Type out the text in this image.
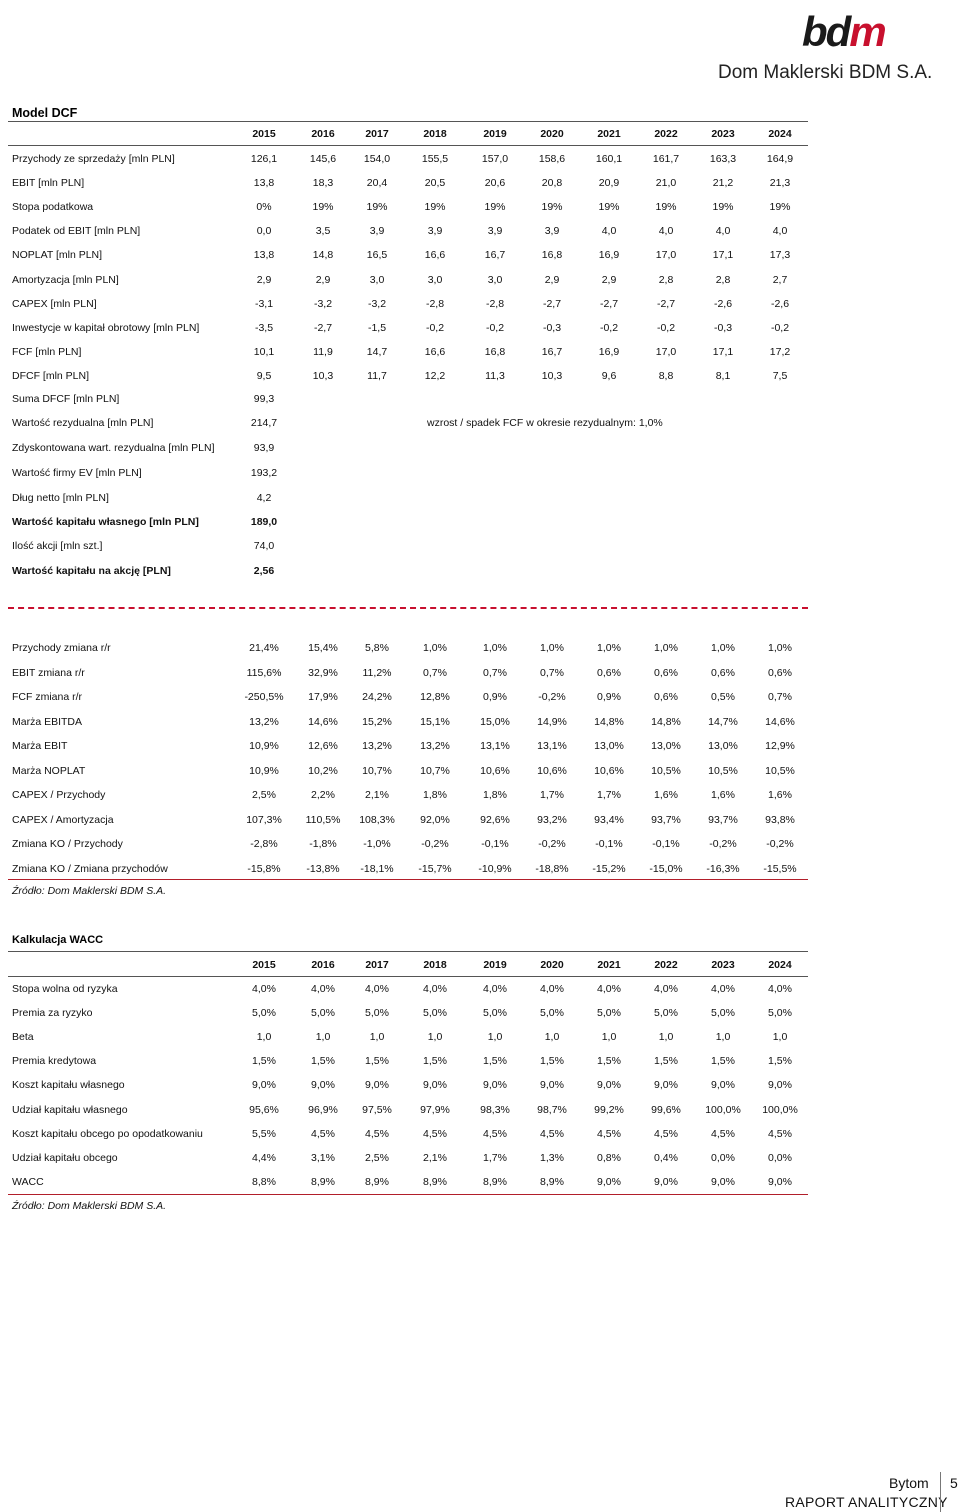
bdm
Dom Maklerski BDM S.A.
Model DCF
2015	2016	2017	2018	2019	2020	2021	2022	2023	2024
Przychody ze sprzedaży [mln PLN]	126,1	145,6	154,0	155,5	157,0	158,6	160,1	161,7	163,3	164,9
EBIT [mln PLN]	13,8	18,3	20,4	20,5	20,6	20,8	20,9	21,0	21,2	21,3
Stopa podatkowa	0%	19%	19%	19%	19%	19%	19%	19%	19%	19%
Podatek od EBIT [mln PLN]	0,0	3,5	3,9	3,9	3,9	3,9	4,0	4,0	4,0	4,0
NOPLAT [mln PLN]	13,8	14,8	16,5	16,6	16,7	16,8	16,9	17,0	17,1	17,3
Amortyzacja [mln PLN]	2,9	2,9	3,0	3,0	3,0	2,9	2,9	2,8	2,8	2,7
CAPEX [mln PLN]	-3,1	-3,2	-3,2	-2,8	-2,8	-2,7	-2,7	-2,7	-2,6	-2,6
Inwestycje w kapitał obrotowy [mln PLN]	-3,5	-2,7	-1,5	-0,2	-0,2	-0,3	-0,2	-0,2	-0,3	-0,2
FCF [mln PLN]	10,1	11,9	14,7	16,6	16,8	16,7	16,9	17,0	17,1	17,2
DFCF [mln PLN]	9,5	10,3	11,7	12,2	11,3	10,3	9,6	8,8	8,1	7,5
Suma DFCF [mln PLN]	99,3
Wartość rezydualna [mln PLN]	214,7	wzrost / spadek FCF w okresie rezydualnym: 1,0%
Zdyskontowana wart. rezydualna [mln PLN]	93,9
Wartość firmy EV [mln PLN]	193,2
Dług netto [mln PLN]	4,2
Wartość kapitału własnego [mln PLN]	189,0
Ilość akcji [mln szt.]	74,0
Wartość kapitału na akcję [PLN]	2,56
Przychody zmiana r/r	21,4%	15,4%	5,8%	1,0%	1,0%	1,0%	1,0%	1,0%	1,0%	1,0%
EBIT zmiana r/r	115,6%	32,9%	11,2%	0,7%	0,7%	0,7%	0,6%	0,6%	0,6%	0,6%
FCF zmiana r/r	-250,5%	17,9%	24,2%	12,8%	0,9%	-0,2%	0,9%	0,6%	0,5%	0,7%
Marża EBITDA	13,2%	14,6%	15,2%	15,1%	15,0%	14,9%	14,8%	14,8%	14,7%	14,6%
Marża EBIT	10,9%	12,6%	13,2%	13,2%	13,1%	13,1%	13,0%	13,0%	13,0%	12,9%
Marża NOPLAT	10,9%	10,2%	10,7%	10,7%	10,6%	10,6%	10,6%	10,5%	10,5%	10,5%
CAPEX / Przychody	2,5%	2,2%	2,1%	1,8%	1,8%	1,7%	1,7%	1,6%	1,6%	1,6%
CAPEX / Amortyzacja	107,3%	110,5%	108,3%	92,0%	92,6%	93,2%	93,4%	93,7%	93,7%	93,8%
Zmiana KO / Przychody	-2,8%	-1,8%	-1,0%	-0,2%	-0,1%	-0,2%	-0,1%	-0,1%	-0,2%	-0,2%
Zmiana KO / Zmiana przychodów	-15,8%	-13,8%	-18,1%	-15,7%	-10,9%	-18,8%	-15,2%	-15,0%	-16,3%	-15,5%
Źródło: Dom Maklerski BDM S.A.
Kalkulacja WACC
2015	2016	2017	2018	2019	2020	2021	2022	2023	2024
Stopa wolna od ryzyka	4,0%	4,0%	4,0%	4,0%	4,0%	4,0%	4,0%	4,0%	4,0%	4,0%
Premia za ryzyko	5,0%	5,0%	5,0%	5,0%	5,0%	5,0%	5,0%	5,0%	5,0%	5,0%
Beta	1,0	1,0	1,0	1,0	1,0	1,0	1,0	1,0	1,0	1,0
Premia kredytowa	1,5%	1,5%	1,5%	1,5%	1,5%	1,5%	1,5%	1,5%	1,5%	1,5%
Koszt kapitału własnego	9,0%	9,0%	9,0%	9,0%	9,0%	9,0%	9,0%	9,0%	9,0%	9,0%
Udział kapitału własnego	95,6%	96,9%	97,5%	97,9%	98,3%	98,7%	99,2%	99,6%	100,0%	100,0%
Koszt kapitału obcego po opodatkowaniu	5,5%	4,5%	4,5%	4,5%	4,5%	4,5%	4,5%	4,5%	4,5%	4,5%
Udział kapitału obcego	4,4%	3,1%	2,5%	2,1%	1,7%	1,3%	0,8%	0,4%	0,0%	0,0%
WACC	8,8%	8,9%	8,9%	8,9%	8,9%	8,9%	9,0%	9,0%	9,0%	9,0%
Źródło: Dom Maklerski BDM S.A.
Bytom
RAPORT ANALITYCZNY
5
